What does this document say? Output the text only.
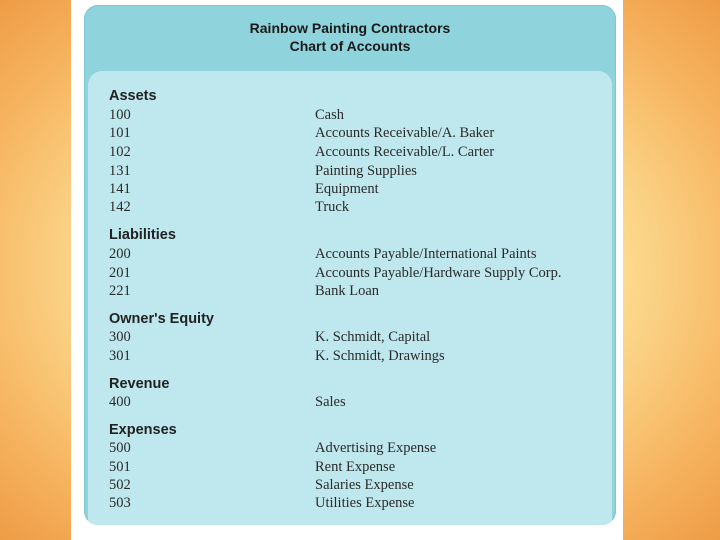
Rainbow Painting Contractors
Chart of Accounts
Assets
100	Cash
101	Accounts Receivable/A. Baker
102	Accounts Receivable/L. Carter
131	Painting Supplies
141	Equipment
142	Truck
Liabilities
200	Accounts Payable/International Paints
201	Accounts Payable/Hardware Supply Corp.
221	Bank Loan
Owner's Equity
300	K. Schmidt, Capital
301	K. Schmidt, Drawings
Revenue
400	Sales
Expenses
500	Advertising Expense
501	Rent Expense
502	Salaries Expense
503	Utilities Expense
